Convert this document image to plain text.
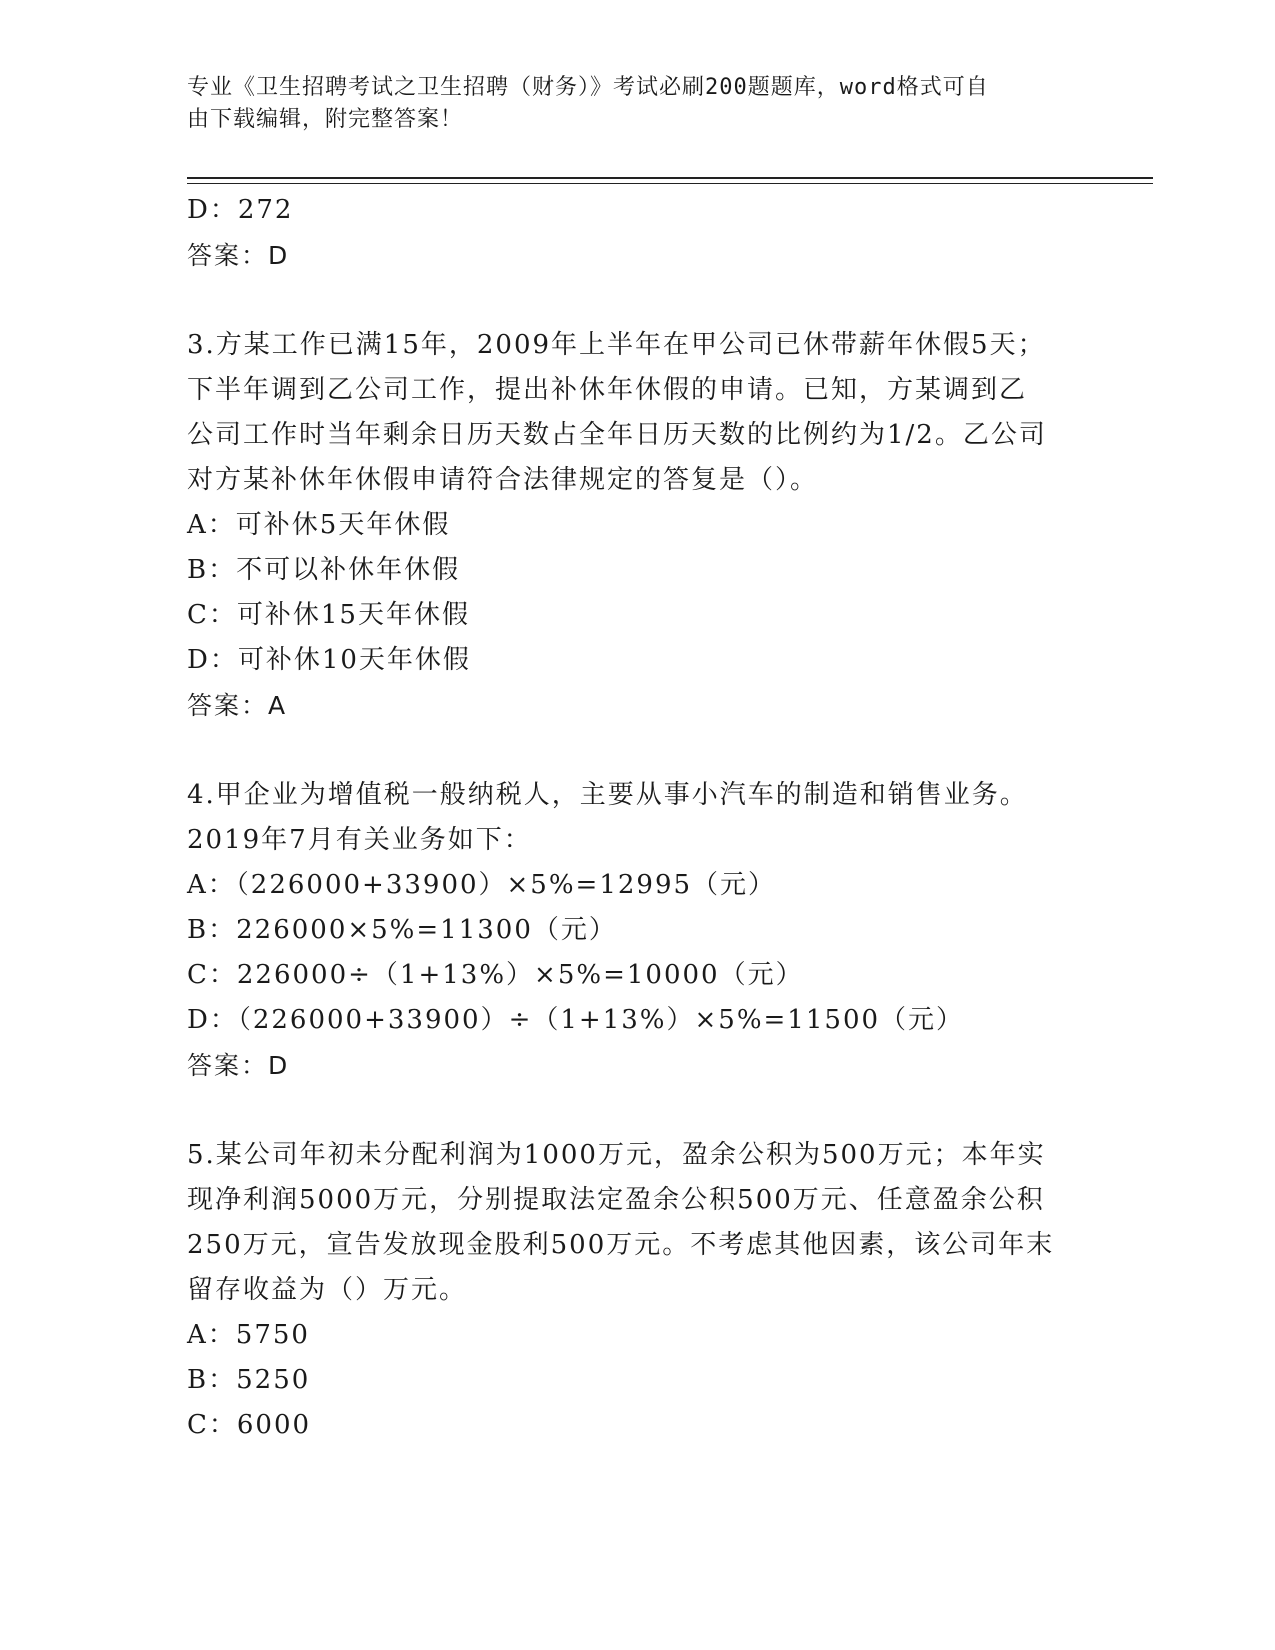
专业《卫生招聘考试之卫生招聘（财务）》考试必刷200题题库，word格式可自
由下载编辑，附完整答案！
D：272
答案：D
3.方某工作已满15年，2009年上半年在甲公司已休带薪年休假5天；
下半年调到乙公司工作，提出补休年休假的申请。已知，方某调到乙
公司工作时当年剩余日历天数占全年日历天数的比例约为1/2。乙公司
对方某补休年休假申请符合法律规定的答复是（）。
A：可补休5天年休假
B：不可以补休年休假
C：可补休15天年休假
D：可补休10天年休假
答案：A
4.甲企业为增值税一般纳税人，主要从事小汽车的制造和销售业务。
2019年7月有关业务如下：
A：（226000+33900）×5%=12995（元）
B：226000×5%=11300（元）
C：226000÷（1+13%）×5%=10000（元）
D：（226000+33900）÷（1+13%）×5%=11500（元）
答案：D
5.某公司年初未分配利润为1000万元，盈余公积为500万元；本年实
现净利润5000万元，分别提取法定盈余公积500万元、任意盈余公积
250万元，宣告发放现金股利500万元。不考虑其他因素，该公司年末
留存收益为（）万元。
A：5750
B：5250
C：6000
